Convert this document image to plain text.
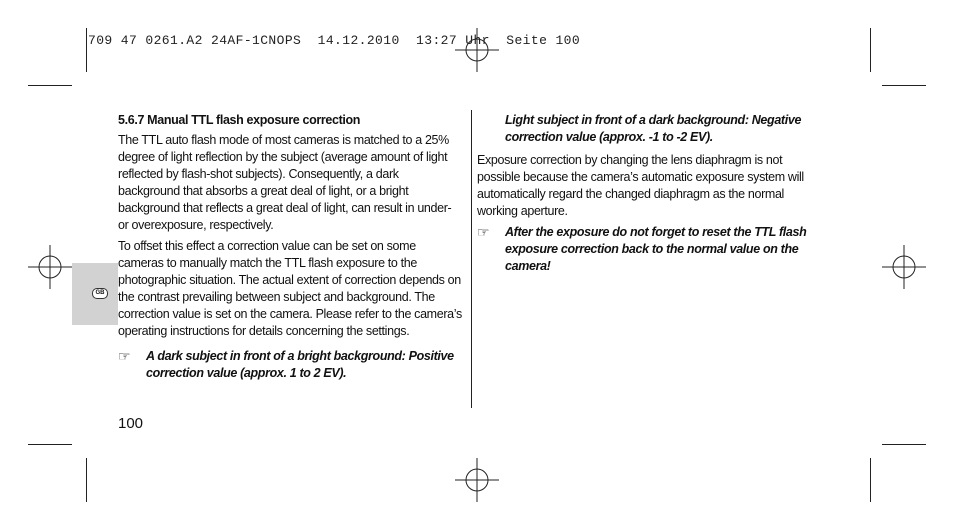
709 47 0261.A2 24AF-1CNOPS  14.12.2010  13:27 Uhr  Seite 100
GB

5.6.7 Manual TTL flash exposure correction

The TTL auto flash mode of most cameras is matched to a 25% degree of light reflection by the subject (average amount of light reflected by flash-shot subjects). Consequently, a dark background that absorbs a great deal of light, or a bright background that reflects a great deal of light, can result in under- or overexposure, respectively.

To offset this effect a correction value can be set on some cameras to manually match the TTL flash exposure to the photographic situation. The actual extent of correction depends on the contrast prevailing between subject and background. The correction value is set on the camera. Please refer to the camera’s operating instructions for details concerning the settings.

☞	A dark subject in front of a bright background: Positive correction value (approx. 1 to 2 EV).

Light subject in front of a dark background: Negative correction value (approx. -1 to -2 EV).

Exposure correction by changing the lens diaphragm is not possible because the camera’s automatic exposure system will automatically regard the changed diaphragm as the normal working aperture.

☞	After the exposure do not forget to reset the TTL flash exposure correction back to the normal value on the camera!
100
